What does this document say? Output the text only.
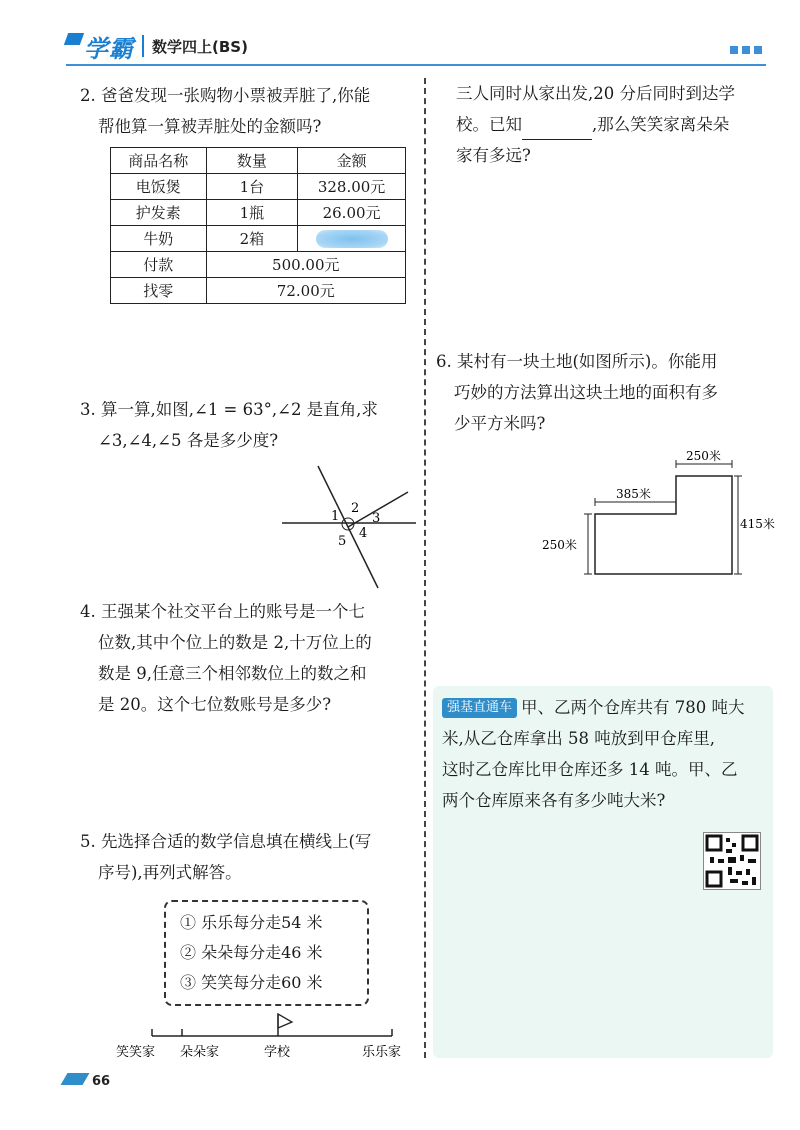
学霸 数学四上(BS)

2. 爸爸发现一张购物小票被弄脏了,你能

帮他算一算被弄脏处的金额吗?

商品名称	数量	金额
电饭煲	1台	328.00元
护发素	1瓶	26.00元
牛奶	2箱	
付款	500.00元	
找零	72.00元	

3. 算一算,如图,∠1 = 63°,∠2 是直角,求

∠3,∠4,∠5 各是多少度?

1
2
3
4
5

4. 王强某个社交平台上的账号是一个七

位数,其中个位上的数是 2,十万位上的

数是 9,任意三个相邻数位上的数之和

是 20。这个七位数账号是多少?

5. 先选择合适的数学信息填在横线上(写

序号),再列式解答。

① 乐乐每分走54 米
② 朵朵每分走46 米
③ 笑笑每分走60 米
笑笑家 朵朵家	学校	乐乐家

三人同时从家出发,20 分后同时到达学

校。已知	,那么笑笑家离朵朵

家有多远?

6. 某村有一块土地(如图所示)。你能用

巧妙的方法算出这块土地的面积有多

少平方米吗?

250米
385米
415米
250米

强基直通车 甲、乙两个仓库共有 780 吨大

米,从乙仓库拿出 58 吨放到甲仓库里,

这时乙仓库比甲仓库还多 14 吨。甲、乙

两个仓库原来各有多少吨大米?

66
